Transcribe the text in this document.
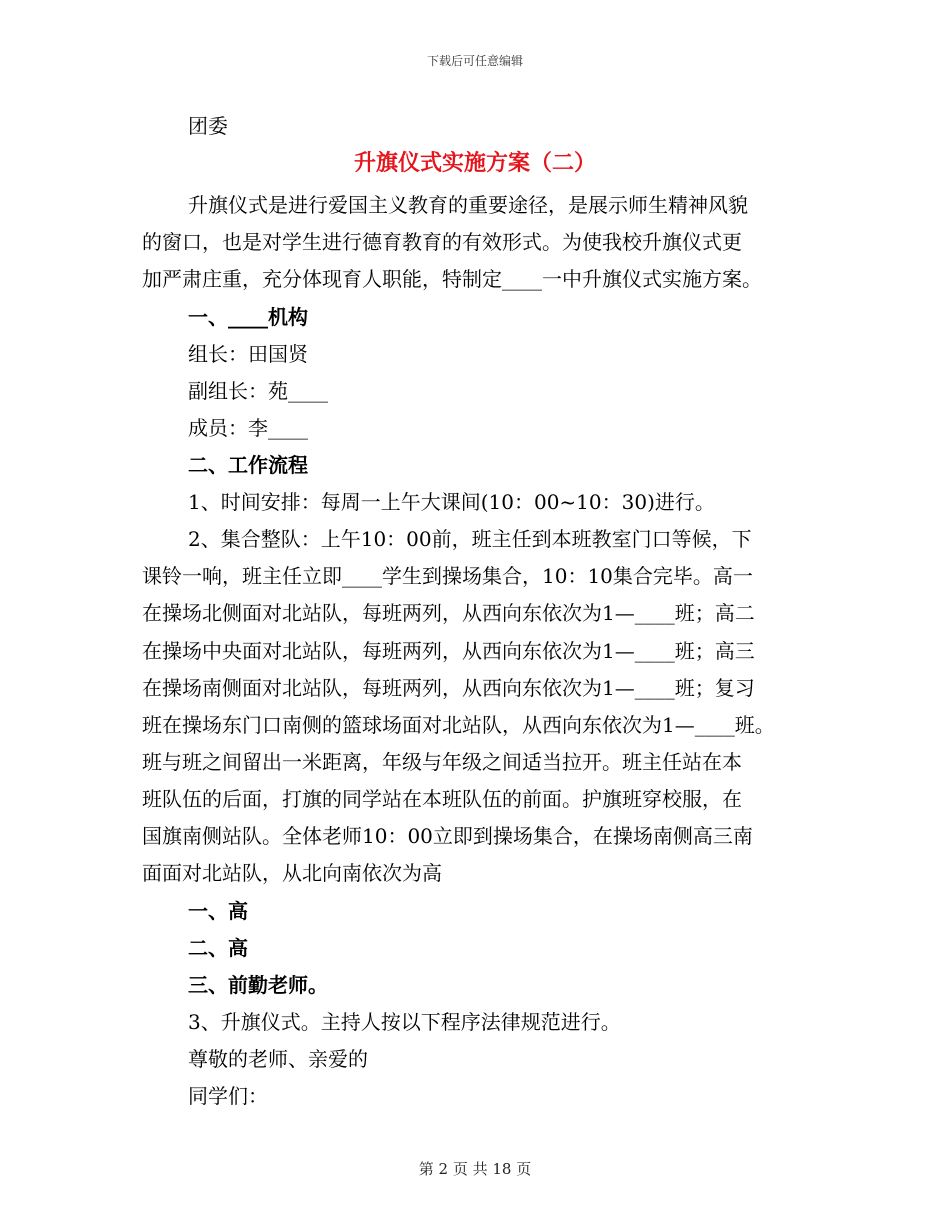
下载后可任意编辑
团委
升旗仪式实施方案（二）
升旗仪式是进行爱国主义教育的重要途径，是展示师生精神风貌
的窗口，也是对学生进行德育教育的有效形式。为使我校升旗仪式更
加严肃庄重，充分体现育人职能，特制定____一中升旗仪式实施方案。
一、____机构
组长：田国贤
副组长：苑____
成员：李____
二、工作流程
1、时间安排：每周一上午大课间(10：00~10：30)进行。
2、集合整队：上午10：00前，班主任到本班教室门口等候，下
课铃一响，班主任立即____学生到操场集合，10：10集合完毕。高一
在操场北侧面对北站队，每班两列，从西向东依次为1—____班；高二
在操场中央面对北站队，每班两列，从西向东依次为1—____班；高三
在操场南侧面对北站队，每班两列，从西向东依次为1—____班；复习
班在操场东门口南侧的篮球场面对北站队，从西向东依次为1—____班。
班与班之间留出一米距离，年级与年级之间适当拉开。班主任站在本
班队伍的后面，打旗的同学站在本班队伍的前面。护旗班穿校服，在
国旗南侧站队。全体老师10：00立即到操场集合，在操场南侧高三南
面面对北站队，从北向南依次为高
一、高
二、高
三、前勤老师。
3、升旗仪式。主持人按以下程序法律规范进行。
尊敬的老师、亲爱的
同学们：
第 2 页 共 18 页
